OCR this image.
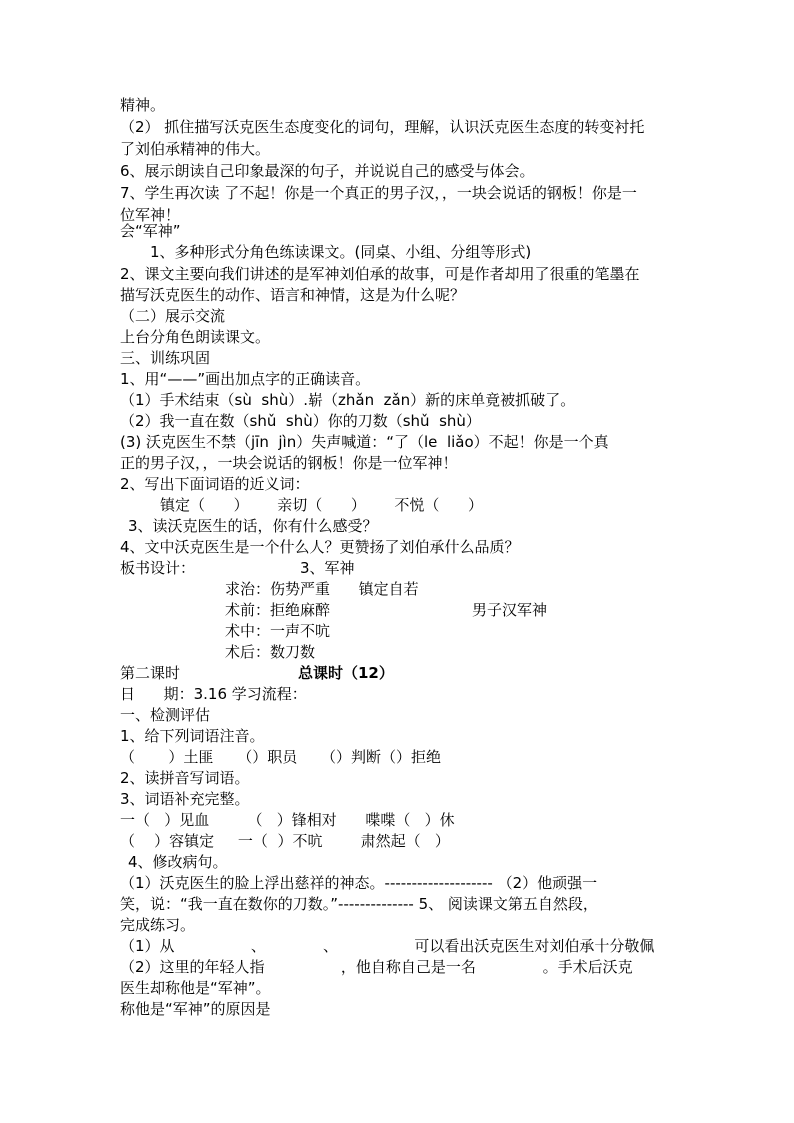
精神。
（2） 抓住描写沃克医生态度变化的词句，理解，认识沃克医生态度的转变衬托
了刘伯承精神的伟大。
6、展示朗读自己印象最深的句子，并说说自己的感受与体会。
7、学生再次读 了不起！你是一个真正的男子汉，，一块会说话的钢板！你是一
位军神！
会“军神”
1、多种形式分角色练读课文。(同桌、小组、分组等形式)
2、课文主要向我们讲述的是军神刘伯承的故事，可是作者却用了很重的笔墨在
描写沃克医生的动作、语言和神情，这是为什么呢？
（二）展示交流
上台分角色朗读课文。
三、训练巩固
1、用“——”画出加点字的正确读音。
（1）手术结束（sù  shù）.崭（zhǎn  zǎn）新的床单竟被抓破了。
（2）我一直在数（shǔ  shù）你的刀数（shǔ  shù）
(3) 沃克医生不禁（jīn  jìn）失声喊道：“了（le  liǎo）不起！你是一个真
正的男子汉，，一块会说话的钢板！你是一位军神！
2、写出下面词语的近义词：
镇定（      ）      亲切（      ）      不悦（      ）
3、读沃克医生的话，你有什么感受？
4、文中沃克医生是一个什么人？更赞扬了刘伯承什么品质？
板书设计：	3、军神
求治：伤势严重      镇定自若
术前：拒绝麻醉	男子汉军神
术中：一声不吭
术后：数刀数
第二课时	总课时（12）
日      期：3.16 学习流程：
一、检测评估
1、给下列词语注音。
（       ）土匪     （）职员     （）判断（）拒绝
2、读拼音写词语。
3、词语补充完整。
一（   ）见血        （   ）锋相对      喋喋（   ）休
（    ）容镇定     一（  ）不吭        肃然起（   ）
4、修改病句。
（1）沃克医生的脸上浮出慈祥的神态。-------------------- （2）他顽强一
笑，说：“我一直在数你的刀数。”-------------- 5、 阅读课文第五自然段，
完成练习。
（1）从                、            、                可以看出沃克医生对刘伯承十分敬佩
（2）这里的年轻人指                ，他自称自己是一名              。手术后沃克
医生却称他是“军神”。
称他是“军神”的原因是
